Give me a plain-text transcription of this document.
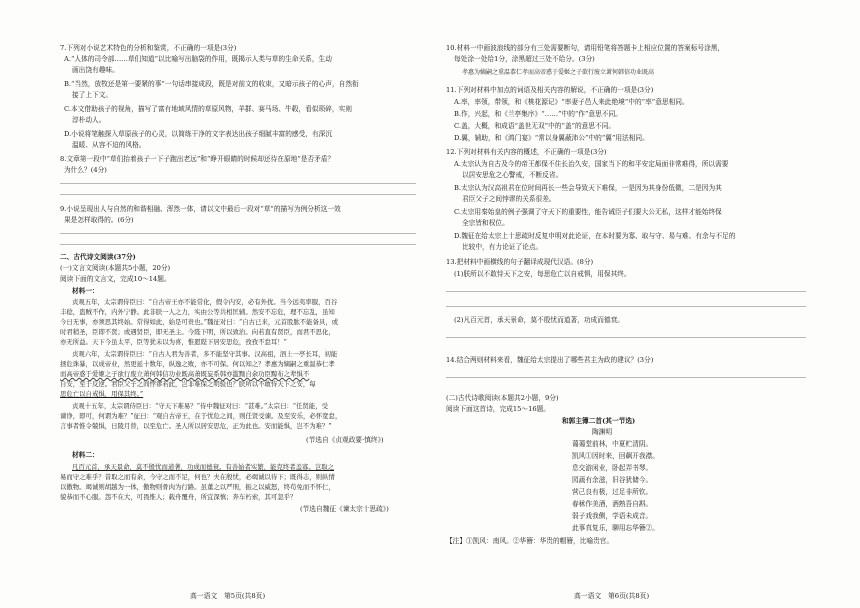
7.下列对小说艺术特色的分析和鉴赏，不正确的一项是(3分)
A.“人体的司令部……草们知道”以比喻写出脑袋的作用，既揭示人类与草的生命关系，生动
画出饶有趣味。
B.“当然，放牧还是第一要紧的事”一句话串接成段，既是对前文的收束，又暗示孩子的心声，自然衔
接了上下文。
C.本文借助孩子的视角，描写了富有地域风情的草原风物，羊群、赛马场、牛毂，看似琐碎，实则
淳朴动人。
D.小说将笔触探入草原孩子的心灵，以简练干净的文字表达出孩子细腻丰富的感受，有深沉
温暖、从容不迫的风格。
8.文章第一段中“草们抬着孩子一下子跑出老远”和“睁开眼睛的时候却还待在原地”是否矛盾？
为什么？(4分)
9.小说呈现出人与自然的和谐相融、浑然一体，请以文中最后一段对“草”的描写为例分析这一效
果是怎样取得的。(6分)
二、古代诗文阅读(37分)
(一)文言文阅读(本题共5小题，20分)
阅读下面的文言文，完成10～14题。
材料一：
贞观五年，太宗谓侍臣曰：“自古帝王亦不能常化，假令内安，必有外扰。当今远夷率服，百谷
丰稔，盗贼不作，内外宁静。此非朕一人之力，实由公等共相匡辅。然安不忘危，理不忘乱，虽知
今日无事，亦须思其终始。常得如此，始是可贵也。”魏征对曰：“自古已来，元首股肱不能备具，或
时君稍圣，臣即不贤；或遇贤臣，即无圣主。今陛下明，所以致治。向若直有贤臣，而君不思化，
亦无所益。天下今虽太平，臣等犹未以为喜，惟愿陛下居安思危，孜孜不怠耳！”
贞观六年，太宗谓侍臣曰：“自古人君为善者，多不能坚守其事。汉高祖，泗上一亭长耳，初能
拯危诛暴，以成帝业，然更延十数年，纵逸之败，亦不可保。何以知之？孝惠为嫡嗣之重温恭仁孝
而高帝惑于爱姬之子欲行废立萧何韩信功业既高萧既妄系韩亦滥黜自余功臣黥布之辈惧不
自安，至于反逆。君臣父子之间悖谬若此，岂非难保之明验也？朕所以不敢恃天下之安，每
思危亡以自戒惧，用保其终。”
贞观十五年，太宗谓侍臣曰：“守天下难易？”侍中魏征对曰：“甚难。”太宗曰：“任贤能，受
谏诤，即可，何谓为难？”征曰：“观自古帝王，在于忧危之间，则任贤受谏。及至安乐，必怀宽怠，
言事者惟令兢惧，日陵月替，以至危亡。圣人所以居安思危，正为此也。安而能惧，岂不为难？”
(节选自《贞观政要·慎终》)
材料二：
凡百元首，承天景命，莫不殷忧而道著，功成而德衰。有善始者实繁，能克终者盖寡。岂取之
易而守之难乎？昔取之而有余，今守之而不足，何也？夫在殷忧，必竭诚以待下；既得志，则纵情
以傲物。竭诚则胡越为一体，傲物则骨肉为行路。虽董之以严刑，振之以威怒，终苟免而不怀仁，
貌恭而不心服。怨不在大，可畏惟人；载舟覆舟，所宜深慎；奔车朽索，其可忽乎？
(节选自魏征《谏太宗十思疏》)
高一语文　第5页(共8页)
10.材料一中画波浪线的部分有三处需要断句，请用铅笔将答题卡上相应位置的答案标号涂黑，
每处涂一处给1分，涂黑超过三处不给分。(3分)
孝惠为嫡嗣之重温恭仁孝而高帝惑于爱姬之子欲行废立萧何韩信功业既高
11.下列对材料中加点的词语及相关内容的解说，不正确的一项是(3分)
A.率，率领，带领，和《桃花源记》“率妻子邑人来此绝境”中的“率”意思相同。
B.作，兴起，和《兰亭集序》“……”中的“作”意思不同。
C.盖，大概，和成语“盖世无双”中的“盖”的意思不同。
D.翼，辅助，和《鸿门宴》“常以身翼蔽沛公”中的“翼”用法相同。
12.下列对材料有关内容的概述，不正确的一项是(3分)
A.太宗认为自古及今的帝王都保不住长治久安，国家当下的和平安定局面非常难得，所以需要
以居安思危之心警戒，不断反省。
B.太宗认为汉高祖君在位时间再长一些会导致天下难保，一是因为其身份低微，二是因为其
君臣父子之间悖谬的关系很差。
C.太宗用秦始皇的例子强调了守天下的重要性，能告诫臣子们要大公无私，这样才能始终保
全宗皆和权位。
D.魏征在给太宗上十思疏时反复申明对此论证，在本时要为寡、取与守、易与难、有余与不足的
比较中，有力论证了论点。
13.把材料中画横线的句子翻译成现代汉语。(8分)
(1)朕所以不敢恃天下之安，每思危亡以自戒惧，用保其终。
(2)凡百元首，承天景命，莫不殷忧而道著，功成而德衰。
14.结合两则材料来看，魏征给太宗提出了哪些君主为政的建议？(3分)
(二)古代诗歌阅读(本题共2小题，9分)
阅读下面这首诗，完成15～16题。
和郭主簿二首(其一节选)
陶渊明
蔼蔼堂前林，中夏贮清阴。
凯风①因时来，回飙开我襟。
息交游闲业，卧起弄书琴。
园蔬有余滋，旧谷犹储今。
营己良有极，过足非所钦。
春秫作美酒，酒熟吾自斟。
弱子戏我侧，学语未成音。
此事真复乐，聊用忘华簪②。
【注】①凯风：南风。②华簪：华贵的帽簪，比喻贵官。
高一语文　第6页(共8页)
